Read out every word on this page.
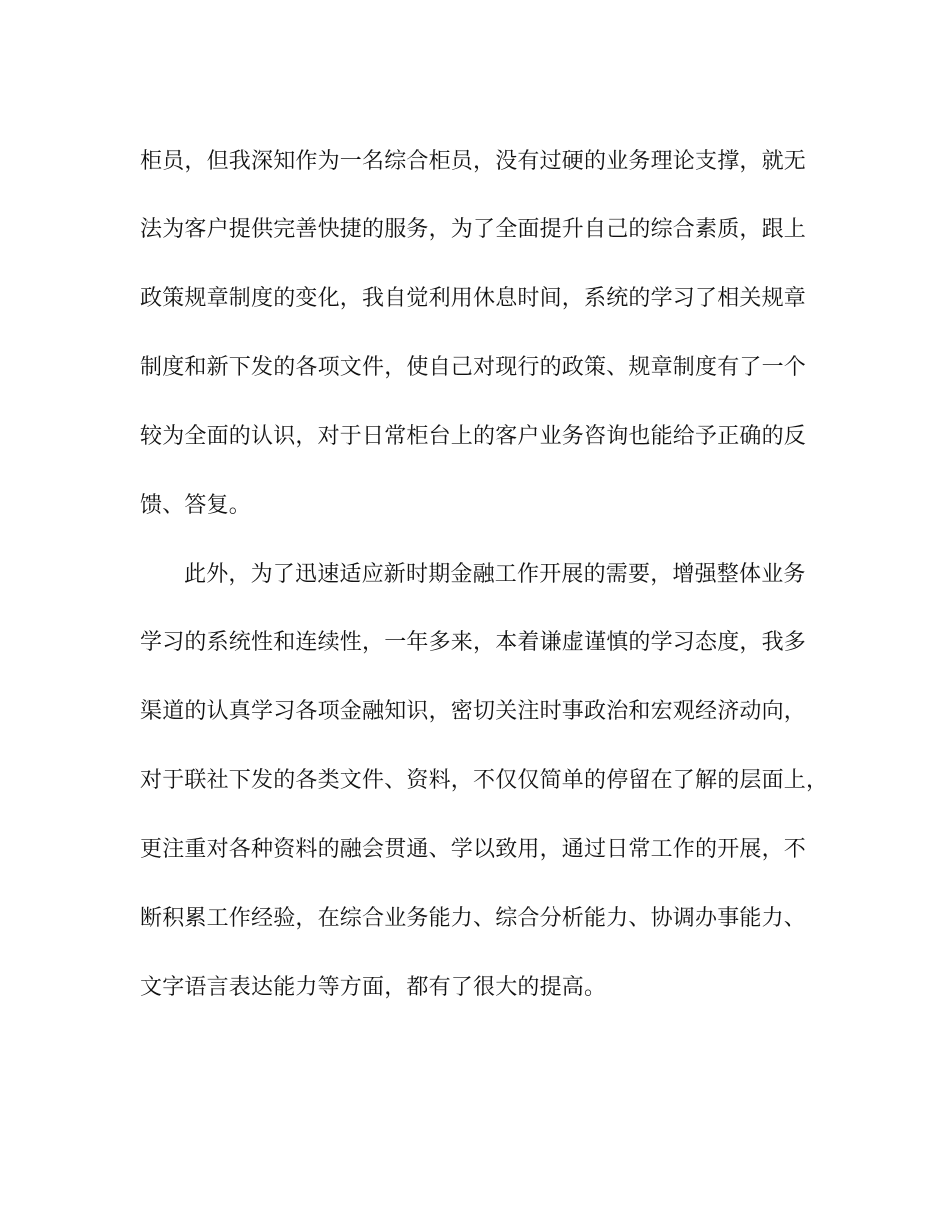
柜员，但我深知作为一名综合柜员，没有过硬的业务理论支撑，就无
法为客户提供完善快捷的服务，为了全面提升自己的综合素质，跟上
政策规章制度的变化，我自觉利用休息时间，系统的学习了相关规章
制度和新下发的各项文件，使自己对现行的政策、规章制度有了一个
较为全面的认识，对于日常柜台上的客户业务咨询也能给予正确的反
馈、答复。
此外，为了迅速适应新时期金融工作开展的需要，增强整体业务
学习的系统性和连续性，一年多来，本着谦虚谨慎的学习态度，我多
渠道的认真学习各项金融知识，密切关注时事政治和宏观经济动向，
对于联社下发的各类文件、资料，不仅仅简单的停留在了解的层面上，
更注重对各种资料的融会贯通、学以致用，通过日常工作的开展，不
断积累工作经验，在综合业务能力、综合分析能力、协调办事能力、
文字语言表达能力等方面，都有了很大的提高。
